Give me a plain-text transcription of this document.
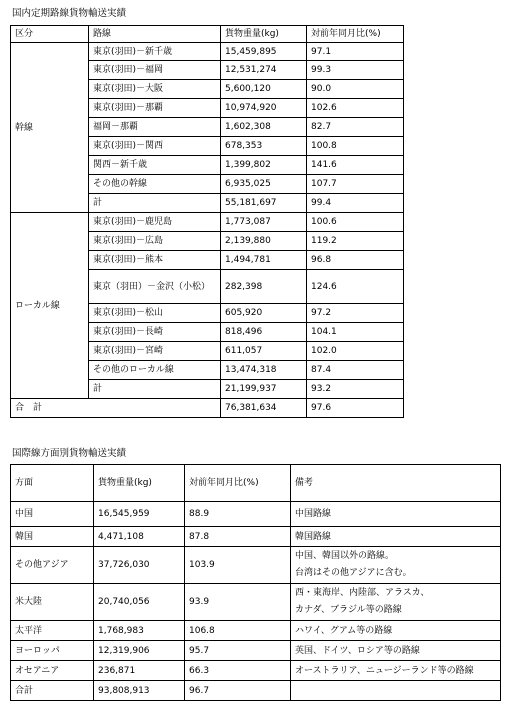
国内定期路線貨物輸送実績
区分	路線	貨物重量(kg)	対前年同月比(%)
幹線	東京(羽田)－新千歳	15,459,895	97.1
	東京(羽田)－福岡	12,531,274	99.3
	東京(羽田)－大阪	5,600,120	90.0
	東京(羽田)－那覇	10,974,920	102.6
	福岡－那覇	1,602,308	82.7
	東京(羽田)－関西	678,353	100.8
	関西－新千歳	1,399,802	141.6
	その他の幹線	6,935,025	107.7
	計	55,181,697	99.4
ローカル線	東京(羽田)－鹿児島	1,773,087	100.6
	東京(羽田)－広島	2,139,880	119.2
	東京(羽田)－熊本	1,494,781	96.8
	東京（羽田）－金沢（小松）	282,398	124.6
	東京(羽田)－松山	605,920	97.2
	東京(羽田)－長崎	818,496	104.1
	東京(羽田)－宮崎	611,057	102.0
	その他のローカル線	13,474,318	87.4
	計	21,199,937	93.2
合　計		76,381,634	97.6
国際線方面別貨物輸送実績
方面	貨物重量(kg)	対前年同月比(%)	備考
中国	16,545,959	88.9	中国路線

韓国	4,471,108	87.8	韓国路線

その他アジア	37,726,030	103.9	中国、韓国以外の路線。
台湾はその他アジアに含む。

米大陸	20,740,056	93.9	西・東海岸、内陸部、アラスカ、
カナダ、ブラジル等の路線

太平洋	1,768,983	106.8	ハワイ、グアム等の路線

ヨーロッパ	12,319,906	95.7	英国、ドイツ、ロシア等の路線

オセアニア	236,871	66.3	オーストラリア、ニュージーランド等の路線

合計	93,808,913	96.7	
